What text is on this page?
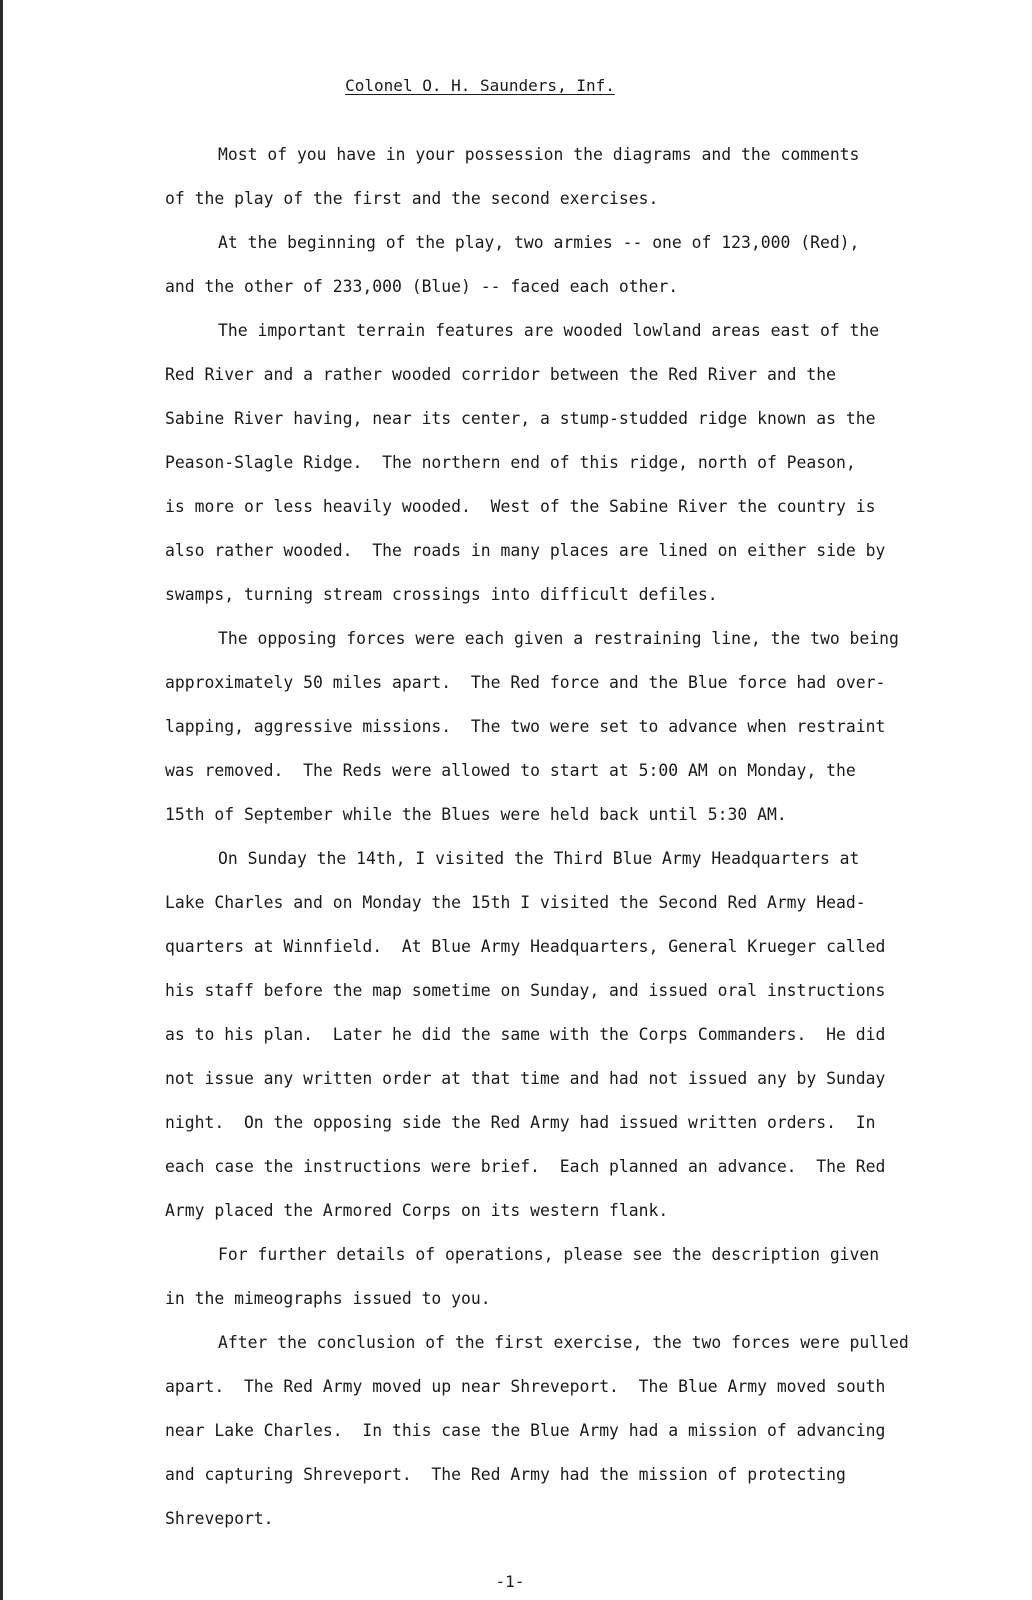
Colonel O. H. Saunders, Inf.
Most of you have in your possession the diagrams and the comments
of the play of the first and the second exercises.
At the beginning of the play, two armies -- one of 123,000 (Red),
and the other of 233,000 (Blue) -- faced each other.
The important terrain features are wooded lowland areas east of the
Red River and a rather wooded corridor between the Red River and the
Sabine River having, near its center, a stump-studded ridge known as the
Peason-Slagle Ridge.  The northern end of this ridge, north of Peason,
is more or less heavily wooded.  West of the Sabine River the country is
also rather wooded.  The roads in many places are lined on either side by
swamps, turning stream crossings into difficult defiles.
The opposing forces were each given a restraining line, the two being
approximately 50 miles apart.  The Red force and the Blue force had over-
lapping, aggressive missions.  The two were set to advance when restraint
was removed.  The Reds were allowed to start at 5:00 AM on Monday, the
15th of September while the Blues were held back until 5:30 AM.
On Sunday the 14th, I visited the Third Blue Army Headquarters at
Lake Charles and on Monday the 15th I visited the Second Red Army Head-
quarters at Winnfield.  At Blue Army Headquarters, General Krueger called
his staff before the map sometime on Sunday, and issued oral instructions
as to his plan.  Later he did the same with the Corps Commanders.  He did
not issue any written order at that time and had not issued any by Sunday
night.  On the opposing side the Red Army had issued written orders.  In
each case the instructions were brief.  Each planned an advance.  The Red
Army placed the Armored Corps on its western flank.
For further details of operations, please see the description given
in the mimeographs issued to you.
After the conclusion of the first exercise, the two forces were pulled
apart.  The Red Army moved up near Shreveport.  The Blue Army moved south
near Lake Charles.  In this case the Blue Army had a mission of advancing
and capturing Shreveport.  The Red Army had the mission of protecting
Shreveport.
-1-
